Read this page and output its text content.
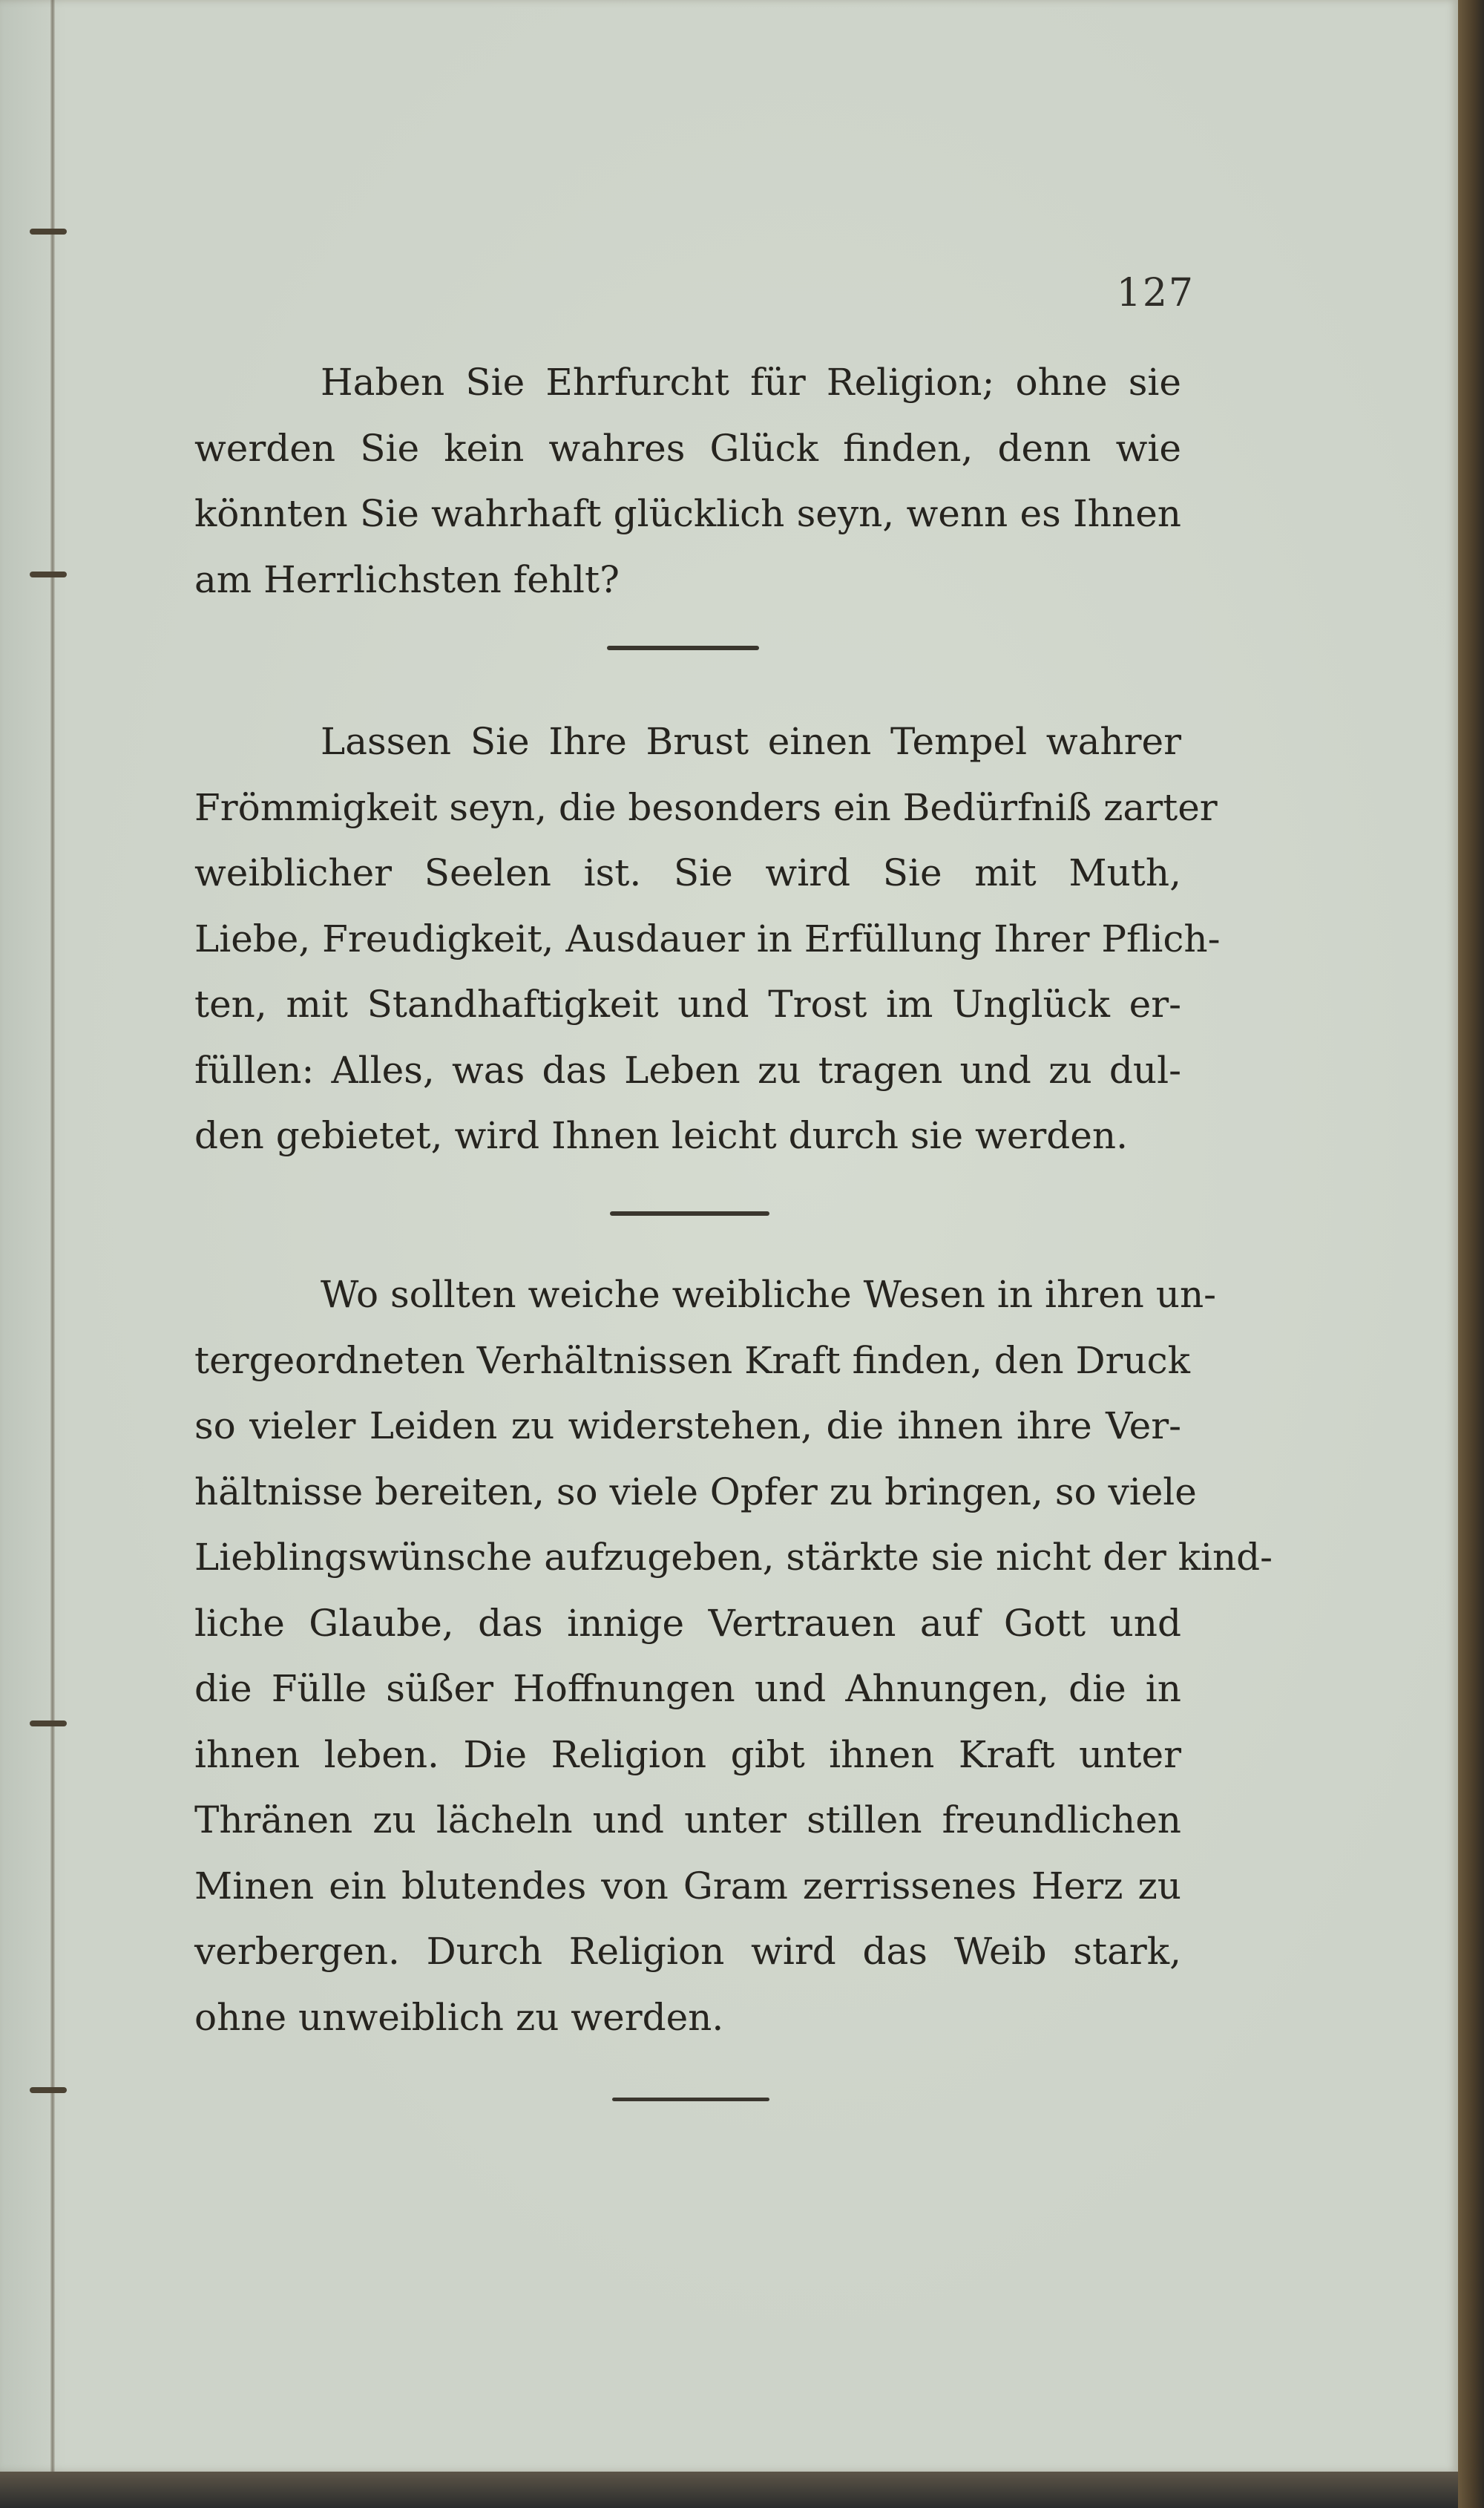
127

Haben Sie Ehrfurcht für Religion; ohne sie
werden Sie kein wahres Glück finden, denn wie
könnten Sie wahrhaft glücklich seyn, wenn es Ihnen
am Herrlichsten fehlt?

Lassen Sie Ihre Brust einen Tempel wahrer
Frömmigkeit seyn, die besonders ein Bedürfniß zarter
weiblicher Seelen ist. Sie wird Sie mit Muth,
Liebe, Freudigkeit, Ausdauer in Erfüllung Ihrer Pflich-
ten, mit Standhaftigkeit und Trost im Unglück er-
füllen: Alles, was das Leben zu tragen und zu dul-
den gebietet, wird Ihnen leicht durch sie werden.

Wo sollten weiche weibliche Wesen in ihren un-
tergeordneten Verhältnissen Kraft finden, den Druck
so vieler Leiden zu widerstehen, die ihnen ihre Ver-
hältnisse bereiten, so viele Opfer zu bringen, so viele
Lieblingswünsche aufzugeben, stärkte sie nicht der kind-
liche Glaube, das innige Vertrauen auf Gott und
die Fülle süßer Hoffnungen und Ahnungen, die in
ihnen leben. Die Religion gibt ihnen Kraft unter
Thränen zu lächeln und unter stillen freundlichen
Minen ein blutendes von Gram zerrissenes Herz zu
verbergen. Durch Religion wird das Weib stark,
ohne unweiblich zu werden.
